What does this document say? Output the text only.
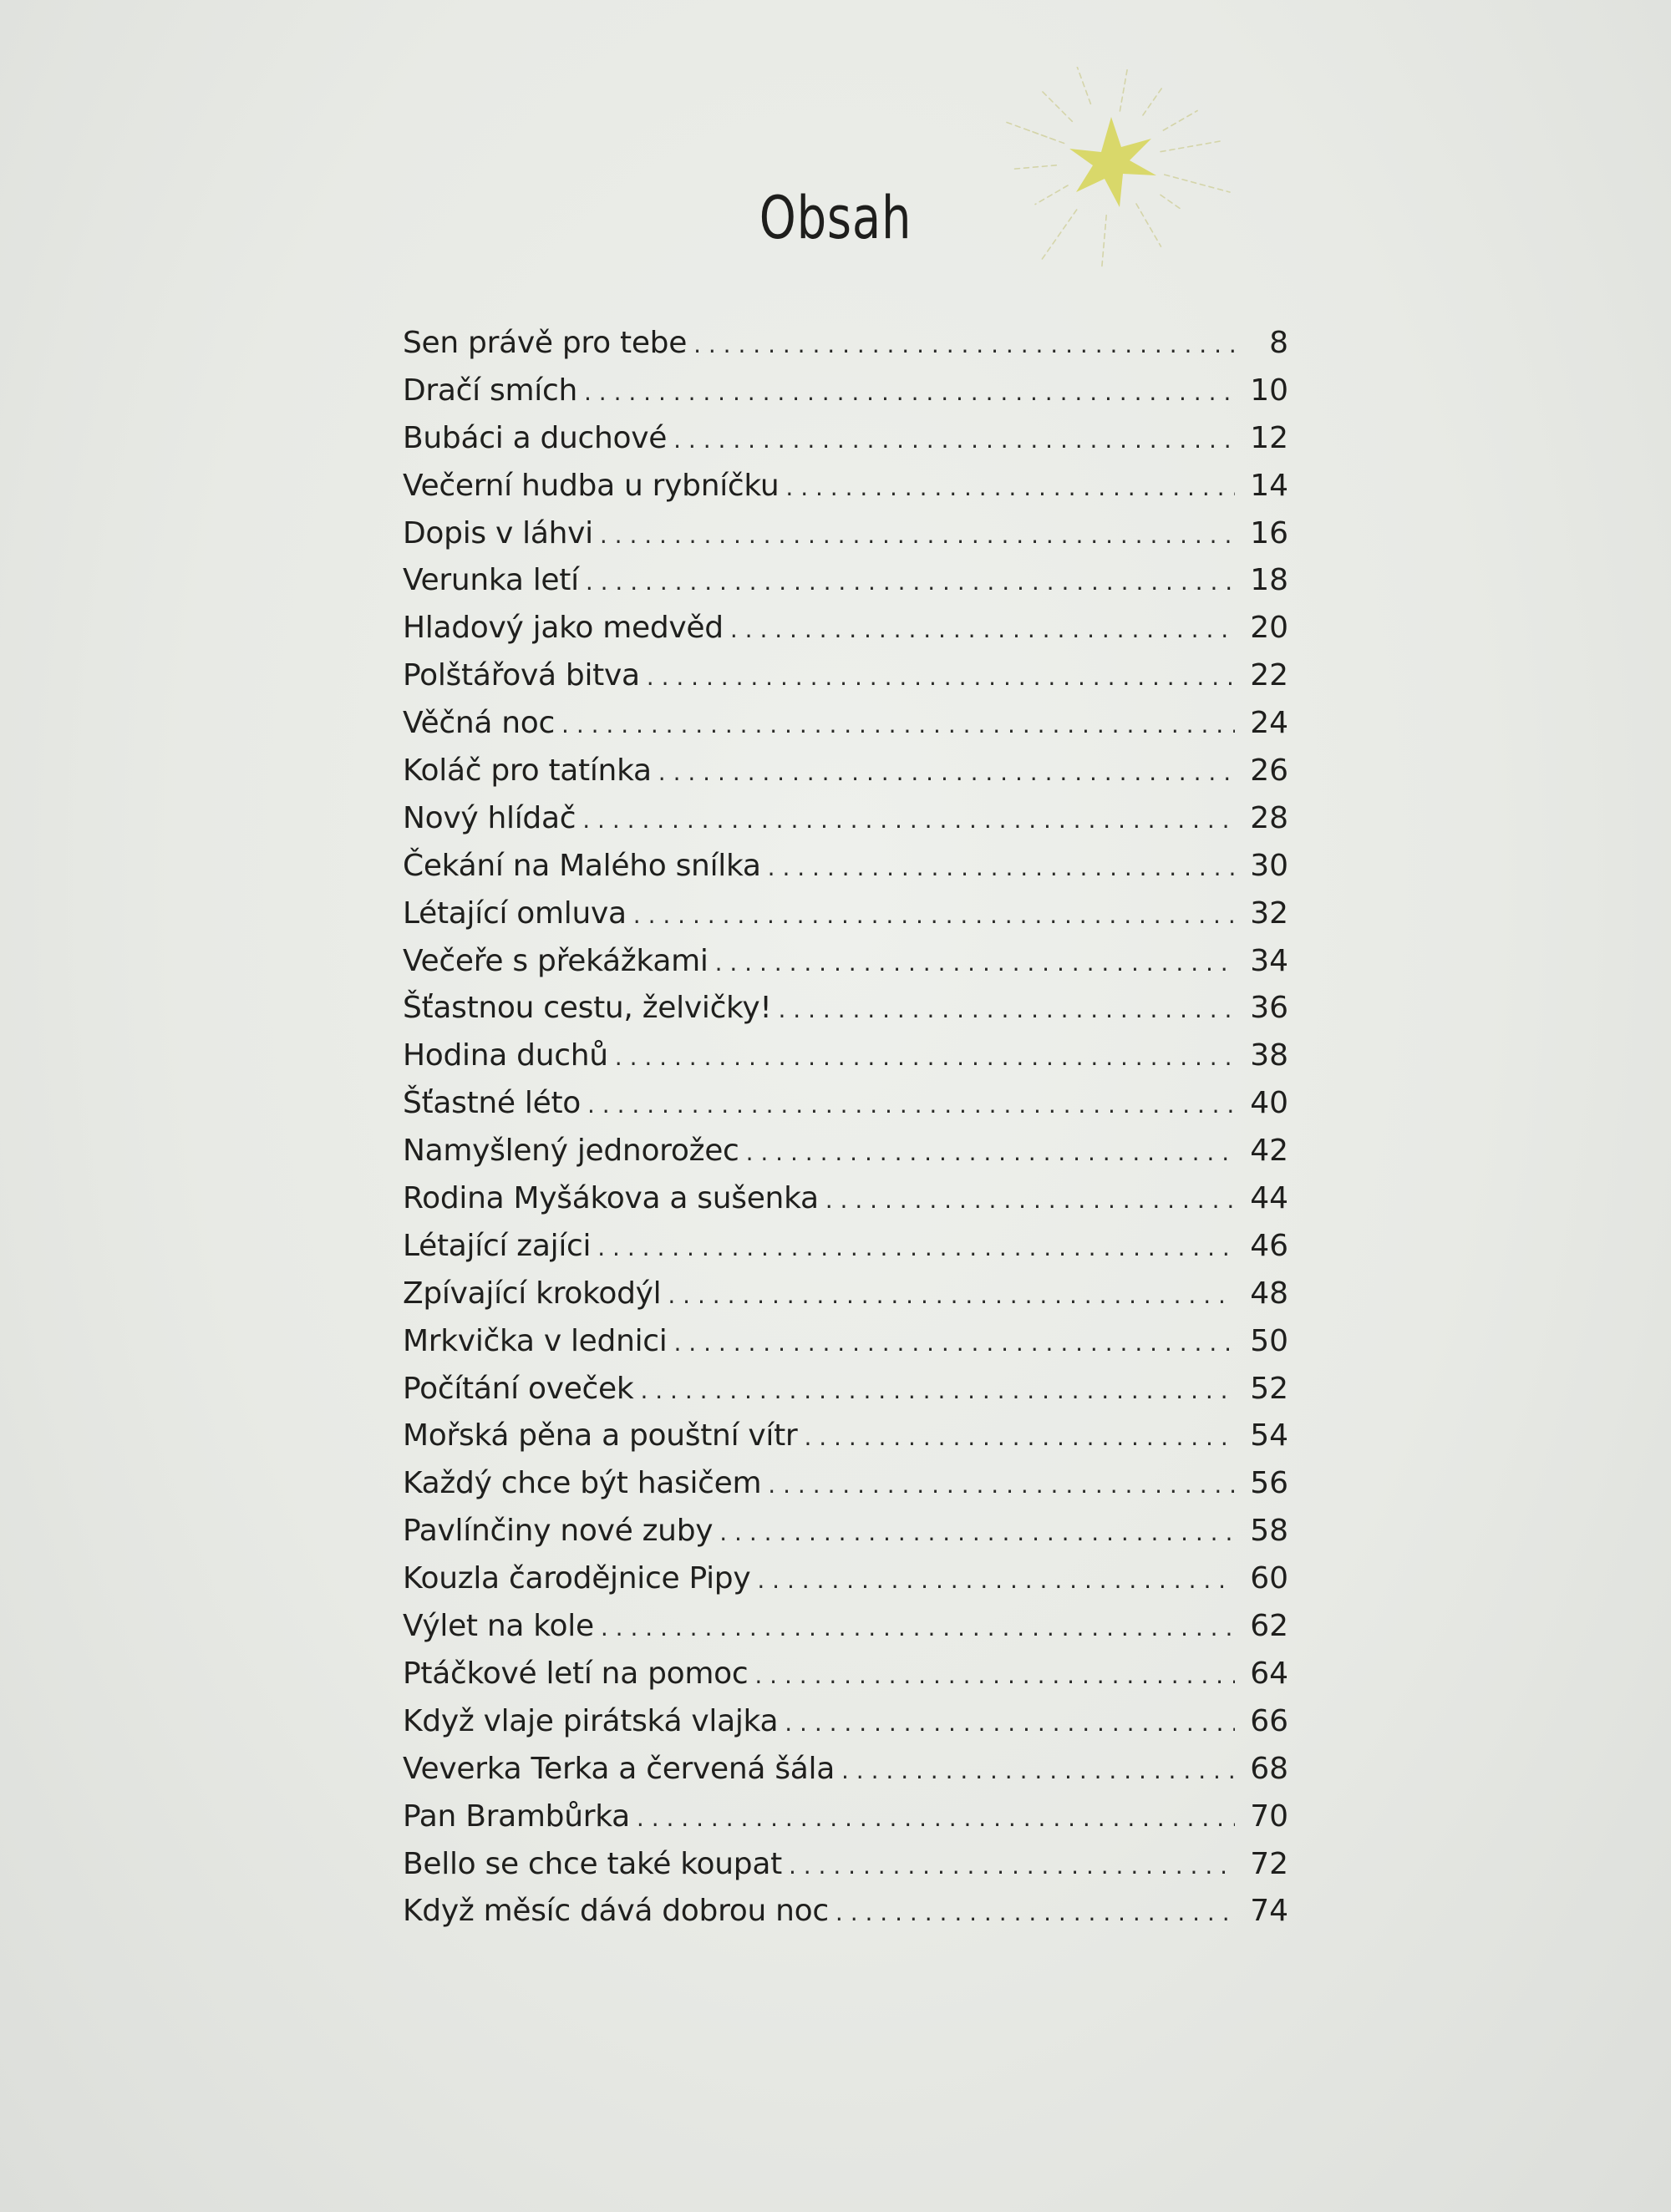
Obsah
Sen právě pro tebe . . .	8
Dračí smích . . .	10
Bubáci a duchové . . .	12
Večerní hudba u rybníčku . . .	14
Dopis v láhvi . . .	16
Verunka letí . . .	18
Hladový jako medvěd . . .	20
Polštářová bitva . . .	22
Věčná noc . . .	24
Koláč pro tatínka . . .	26
Nový hlídač . . .	28
Čekání na Malého snílka . . .	30
Létající omluva . . .	32
Večeře s překážkami . . .	34
Šťastnou cestu, želvičky! . . .	36
Hodina duchů . . .	38
Šťastné léto . . .	40
Namyšlený jednorožec . . .	42
Rodina Myšákova a sušenka . . .	44
Létající zajíci . . .	46
Zpívající krokodýl . . .	48
Mrkvička v lednici . . .	50
Počítání oveček . . .	52
Mořská pěna a pouštní vítr . . .	54
Každý chce být hasičem . . .	56
Pavlínčiny nové zuby . . .	58
Kouzla čarodějnice Pipy . . .	60
Výlet na kole . . .	62
Ptáčkové letí na pomoc . . .	64
Když vlaje pirátská vlajka . . .	66
Veverka Terka a červená šála . . .	68
Pan Brambůrka . . .	70
Bello se chce také koupat . . .	72
Když měsíc dává dobrou noc . . .	74
